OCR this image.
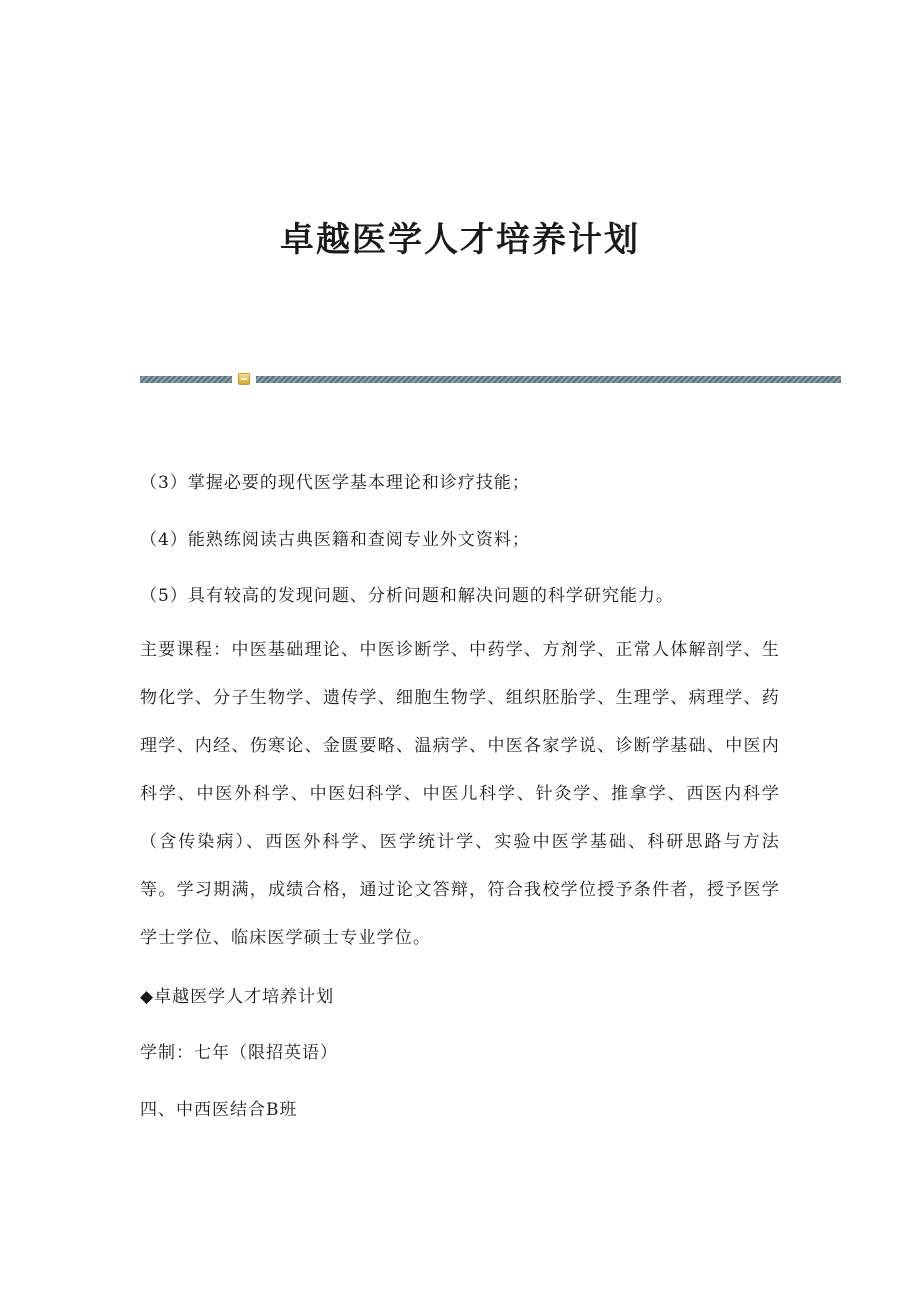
卓越医学人才培养计划

（3）掌握必要的现代医学基本理论和诊疗技能；

（4）能熟练阅读古典医籍和查阅专业外文资料；

（5）具有较高的发现问题、分析问题和解决问题的科学研究能力。

主要课程：中医基础理论、中医诊断学、中药学、方剂学、正常人体解剖学、生物化学、分子生物学、遗传学、细胞生物学、组织胚胎学、生理学、病理学、药理学、内经、伤寒论、金匮要略、温病学、中医各家学说、诊断学基础、中医内科学、中医外科学、中医妇科学、中医儿科学、针灸学、推拿学、西医内科学（含传染病）、西医外科学、医学统计学、实验中医学基础、科研思路与方法等。学习期满，成绩合格，通过论文答辩，符合我校学位授予条件者，授予医学学士学位、临床医学硕士专业学位。

◆卓越医学人才培养计划

学制：七年（限招英语）

四、中西医结合B班
